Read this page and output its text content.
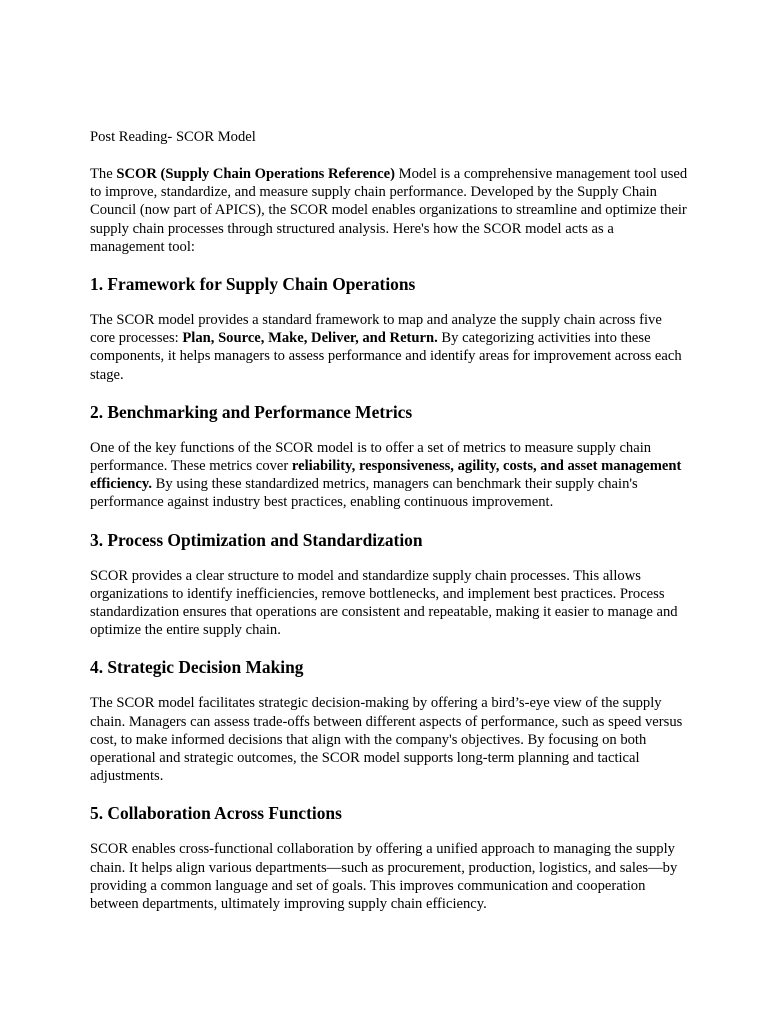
Post Reading- SCOR Model

The SCOR (Supply Chain Operations Reference) Model is a comprehensive management tool used to improve, standardize, and measure supply chain performance. Developed by the Supply Chain Council (now part of APICS), the SCOR model enables organizations to streamline and optimize their supply chain processes through structured analysis. Here's how the SCOR model acts as a management tool:

1. Framework for Supply Chain Operations

The SCOR model provides a standard framework to map and analyze the supply chain across five core processes: Plan, Source, Make, Deliver, and Return. By categorizing activities into these components, it helps managers to assess performance and identify areas for improvement across each stage.

2. Benchmarking and Performance Metrics

One of the key functions of the SCOR model is to offer a set of metrics to measure supply chain performance. These metrics cover reliability, responsiveness, agility, costs, and asset management efficiency. By using these standardized metrics, managers can benchmark their supply chain's performance against industry best practices, enabling continuous improvement.

3. Process Optimization and Standardization

SCOR provides a clear structure to model and standardize supply chain processes. This allows organizations to identify inefficiencies, remove bottlenecks, and implement best practices. Process standardization ensures that operations are consistent and repeatable, making it easier to manage and optimize the entire supply chain.

4. Strategic Decision Making

The SCOR model facilitates strategic decision-making by offering a bird’s-eye view of the supply chain. Managers can assess trade-offs between different aspects of performance, such as speed versus cost, to make informed decisions that align with the company's objectives. By focusing on both operational and strategic outcomes, the SCOR model supports long-term planning and tactical adjustments.

5. Collaboration Across Functions

SCOR enables cross-functional collaboration by offering a unified approach to managing the supply chain. It helps align various departments—such as procurement, production, logistics, and sales—by providing a common language and set of goals. This improves communication and cooperation between departments, ultimately improving supply chain efficiency.
